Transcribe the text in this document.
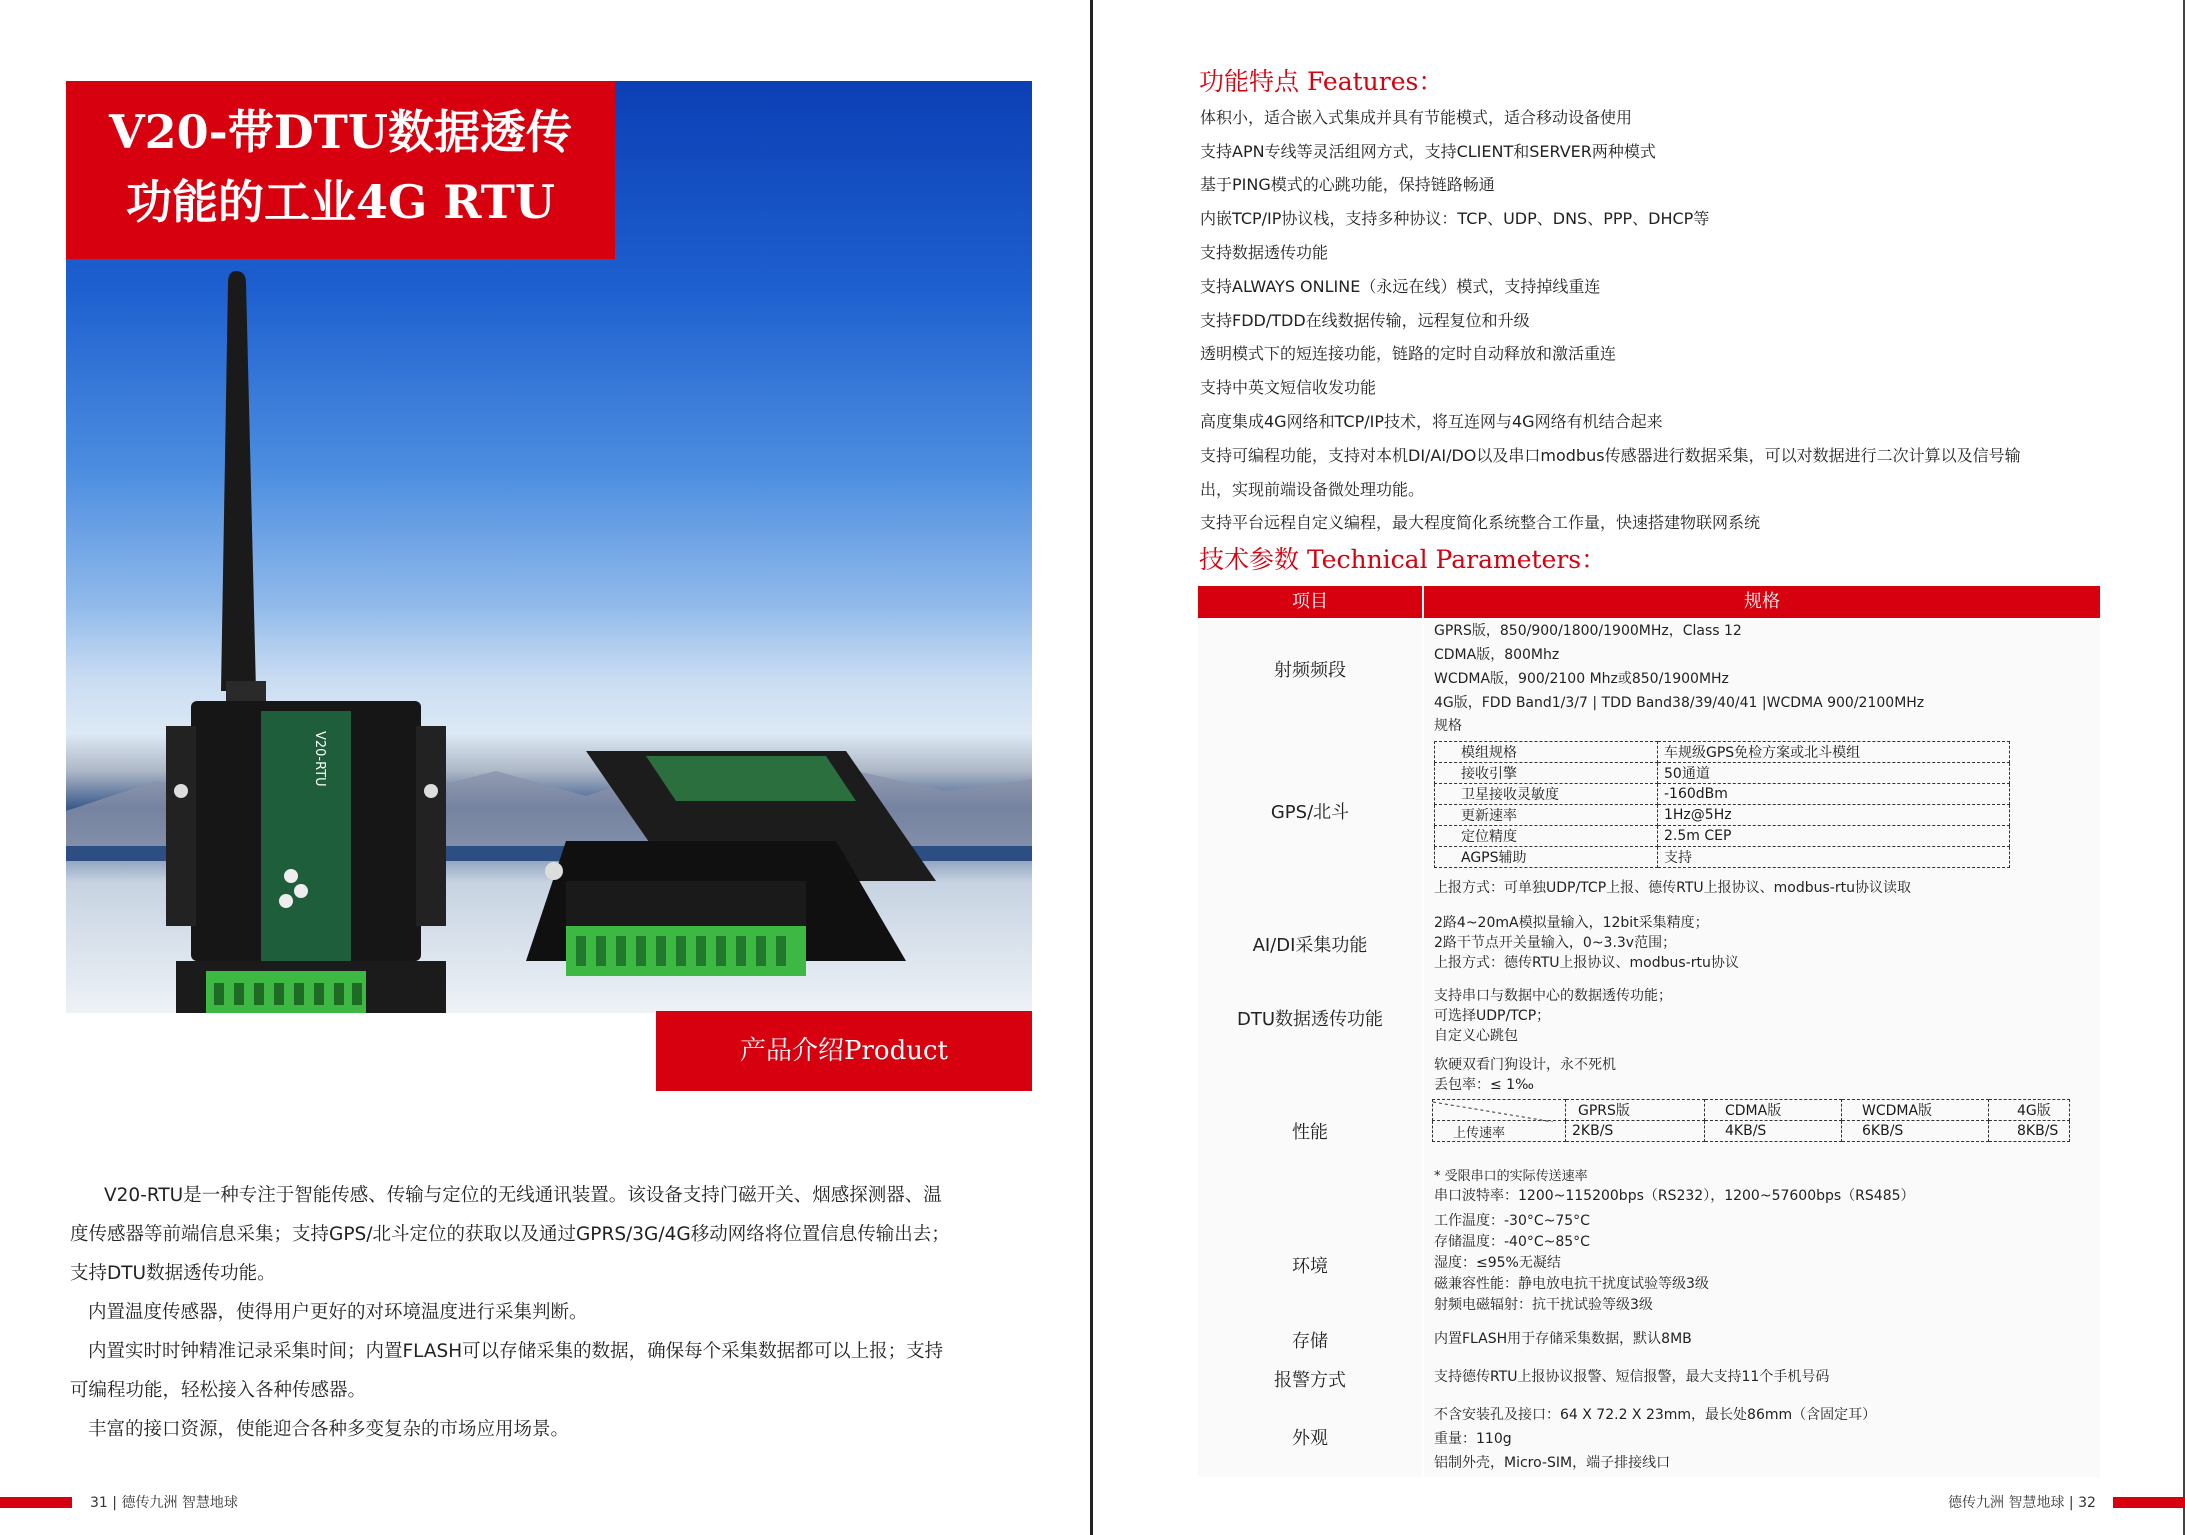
V20-RTU
V20-带DTU数据透传
功能的工业4G RTU
产品介绍Product Introduction
V20-RTU是一种专注于智能传感、传输与定位的无线通讯装置。该设备支持门磁开关、烟感探测器、温
度传感器等前端信息采集；支持GPS/北斗定位的获取以及通过GPRS/3G/4G移动网络将位置信息传输出去；
支持DTU数据透传功能。
内置温度传感器，使得用户更好的对环境温度进行采集判断。
内置实时时钟精准记录采集时间；内置FLASH可以存储采集的数据，确保每个采集数据都可以上报；支持
可编程功能，轻松接入各种传感器。
丰富的接口资源，使能迎合各种多变复杂的市场应用场景。
31 | 德传九洲 智慧地球
功能特点 Features：
体积小，适合嵌入式集成并具有节能模式，适合移动设备使用
支持APN专线等灵活组网方式，支持CLIENT和SERVER两种模式
基于PING模式的心跳功能，保持链路畅通
内嵌TCP/IP协议栈，支持多种协议：TCP、UDP、DNS、PPP、DHCP等
支持数据透传功能
支持ALWAYS ONLINE（永远在线）模式，支持掉线重连
支持FDD/TDD在线数据传输，远程复位和升级
透明模式下的短连接功能，链路的定时自动释放和激活重连
支持中英文短信收发功能
高度集成4G网络和TCP/IP技术，将互连网与4G网络有机结合起来
支持可编程功能，支持对本机DI/AI/DO以及串口modbus传感器进行数据采集，可以对数据进行二次计算以及信号输
出，实现前端设备微处理功能。
支持平台远程自定义编程，最大程度简化系统整合工作量，快速搭建物联网系统
技术参数 Technical Parameters：
项目	规格
射频频段
GPRS版，850/900/1800/1900MHz，Class 12
CDMA版，800Mhz
WCDMA版，900/2100 Mhz或850/1900MHz
4G版，FDD Band1/3/7 | TDD Band38/39/40/41 |WCDMA 900/2100MHz
规格
GPS/北斗
模组规格	车规级GPS免检方案或北斗模组
接收引擎	50通道
卫星接收灵敏度	-160dBm
更新速率	1Hz@5Hz
定位精度	2.5m CEP
AGPS辅助	支持
上报方式：可单独UDP/TCP上报、德传RTU上报协议、modbus-rtu协议读取
AI/DI采集功能
2路4~20mA模拟量输入，12bit采集精度；
2路干节点开关量输入，0~3.3v范围；
上报方式：德传RTU上报协议、modbus-rtu协议
DTU数据透传功能
支持串口与数据中心的数据透传功能；
可选择UDP/TCP；
自定义心跳包
性能
软硬双看门狗设计，永不死机
丢包率：≤ 1‰
	GPRS版	CDMA版	WCDMA版	4G版
上传速率	2KB/S	4KB/S	6KB/S	8KB/S
* 受限串口的实际传送速率
串口波特率：1200~115200bps（RS232），1200~57600bps（RS485）
环境
工作温度：-30°C~75°C
存储温度：-40°C~85°C
湿度：≤95%无凝结
磁兼容性能：静电放电抗干扰度试验等级3级
射频电磁辐射：抗干扰试验等级3级
存储	内置FLASH用于存储采集数据，默认8MB
报警方式	支持德传RTU上报协议报警、短信报警，最大支持11个手机号码
外观
不含安装孔及接口：64 X 72.2 X 23mm，最长处86mm（含固定耳）
重量：110g
铝制外壳，Micro-SIM，端子排接线口
德传九洲 智慧地球 | 32
